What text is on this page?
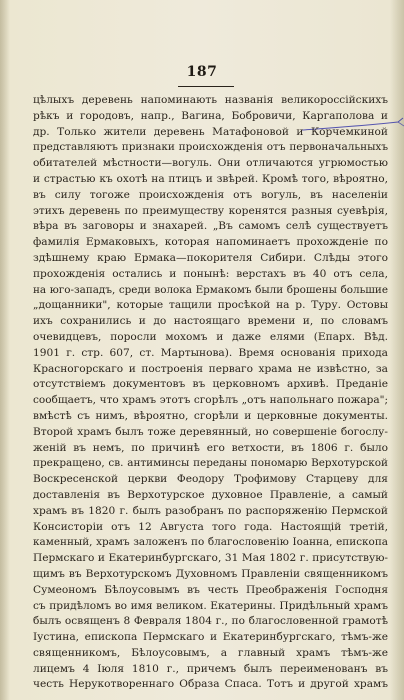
187
цѣлыхъ деревень напоминають названія великороссійскихъ
рѣкъ и городовъ, напр., Вагина, Бобровичи, Каргаполова и
др. Только жители деревень Матафоновой и Корчемкиной
представляютъ признаки происхожденія отъ первоначальныхъ
обитателей мѣстности—вогуль. Они отличаются угрюмостью
и страстью къ охотѣ на птицъ и звѣрей. Кромѣ того, вѣроятно,
въ силу тогоже происхожденія отъ вогуль, въ населеніи
этихъ деревень по преимуществу коренятся разныя суевѣрія,
вѣра въ заговоры и знахарей. „Въ самомъ селѣ существуетъ
фамилія Ермаковыхъ, которая напоминаетъ прохожденіе по
здѣшнему краю Ермака—покорителя Сибири. Слѣды этого
прохожденія остались и понынѣ: верстахъ въ 40 отъ села,
на юго-западъ, среди волока Ермакомъ были брошены большие
„дощанники", которые тащили просѣкой на р. Туру. Остовы
ихъ сохранились и до настоящаго времени и, по словамъ
очевидцевъ, поросли мохомъ и даже елями (Епарх. Вѣд.
1901 г. стр. 607, ст. Мартынова). Время основанія прихода
Красногорскаго и построенія перваго храма не извѣстно, за
отсутствіемъ документовъ въ церковномъ архивѣ. Преданіе
сообщаетъ, что храмъ этотъ сгорѣлъ „отъ напольнаго пожара";
вмѣстѣ съ нимъ, вѣроятно, сгорѣли и церковные документы.
Второй храмъ былъ тоже деревянный, но совершеніе богослу-
женій въ немъ, по причинѣ его ветхости, въ 1806 г. было
прекращено, св. антиминсы переданы пономарю Верхотурской
Воскресенской церкви Феодору Трофимову Старцеву для
доставленія въ Верхотурское духовное Правленіе, а самый
храмъ въ 1820 г. былъ разобранъ по распоряженію Пермской
Консисторіи отъ 12 Августа того года. Настоящій третій,
каменный, храмъ заложенъ по благословенію Іоанна, епископа
Пермскаго и Екатеринбургскаго, 31 Мая 1802 г. присутствую-
щимъ въ Верхотурскомъ Духовномъ Правленіи священникомъ
Сумеономъ Бѣлоусовымъ въ честь Преображенія Господня
съ придѣломъ во имя великом. Екатерины. Придѣльный храмъ
былъ освященъ 8 Февраля 1804 г., по благословенной грамотѣ
Іустина, епископа Пермскаго и Екатеринбургскаго, тѣмъ-же
священникомъ, Бѣлоусовымъ, а главный храмъ тѣмъ-же
лицемъ 4 Іюля 1810 г., причемъ былъ переименованъ въ
честь Нерукотвореннаго Образа Спаса. Тотъ и другой храмъ
